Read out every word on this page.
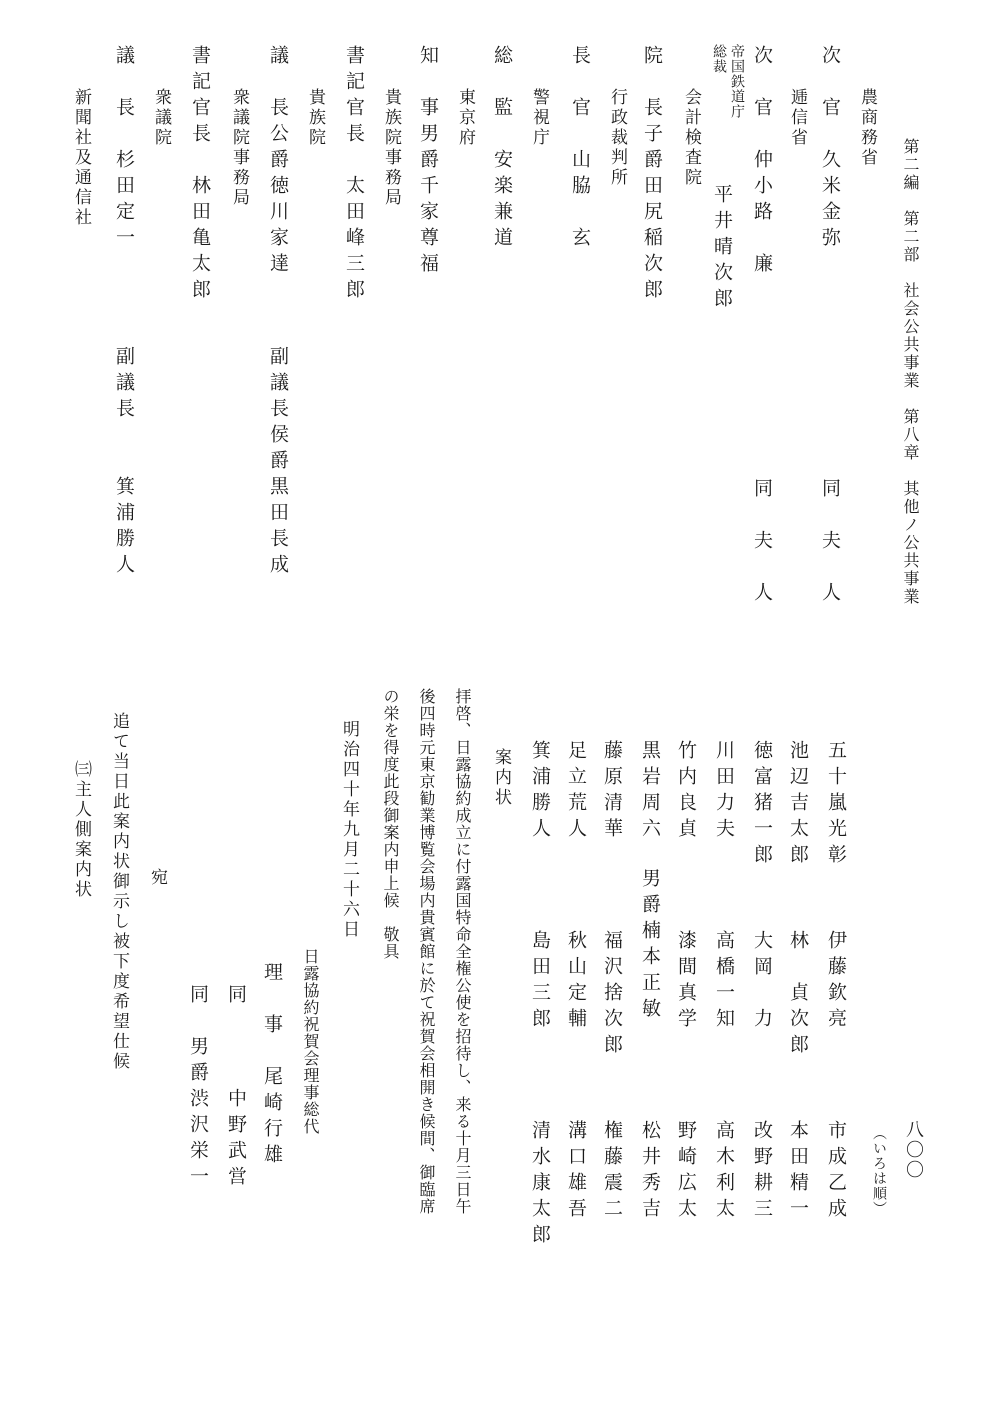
第二編　第二部　社会公共事業　第八章　其他ノ公共事業
八〇〇
（いろは順）
農商務省
次　官　久米金弥
同　夫　人
逓信省
次　官　仲小路　廉
同　夫　人
帝国鉄道庁
総裁
平井晴次郎
会計検査院
院　長子爵田尻稲次郎
行政裁判所
長　官　山脇　玄
警視庁
総　監　安楽兼道
東京府
知　事男爵千家尊福
貴族院事務局
書記官長　太田峰三郎
貴族院
議　長公爵徳川家達
副議長侯爵黒田長成
衆議院事務局
書記官長　林田亀太郎
衆議院
議　長　杉田定一
副議長　　箕浦勝人
新聞社及通信社
五十嵐光彰
伊藤欽亮
市成乙成
池辺吉太郎
林　貞次郎
本田精一
徳富猪一郎
大岡　力
改野耕三
川田力夫
高橋一知
高木利太
竹内良貞
漆間真学
野崎広太
黒岩周六
男爵楠本正敏
松井秀吉
藤原清華
福沢捨次郎
権藤震二
足立荒人
秋山定輔
溝口雄吾
箕浦勝人
島田三郎
清水康太郎
案内状
拝啓、日露協約成立に付露国特命全権公使を招待し、来る十月三日午
後四時元東京勧業博覧会場内貴賓館に於て祝賀会相開き候間、御臨席
の栄を得度此段御案内申上候　敬具
明治四十年九月二十六日
日露協約祝賀会理事総代
理　事　尾崎行雄
同　　　中野武営
同　男爵渋沢栄一
宛
追て当日此案内状御示し被下度希望仕候
㈢主人側案内状
